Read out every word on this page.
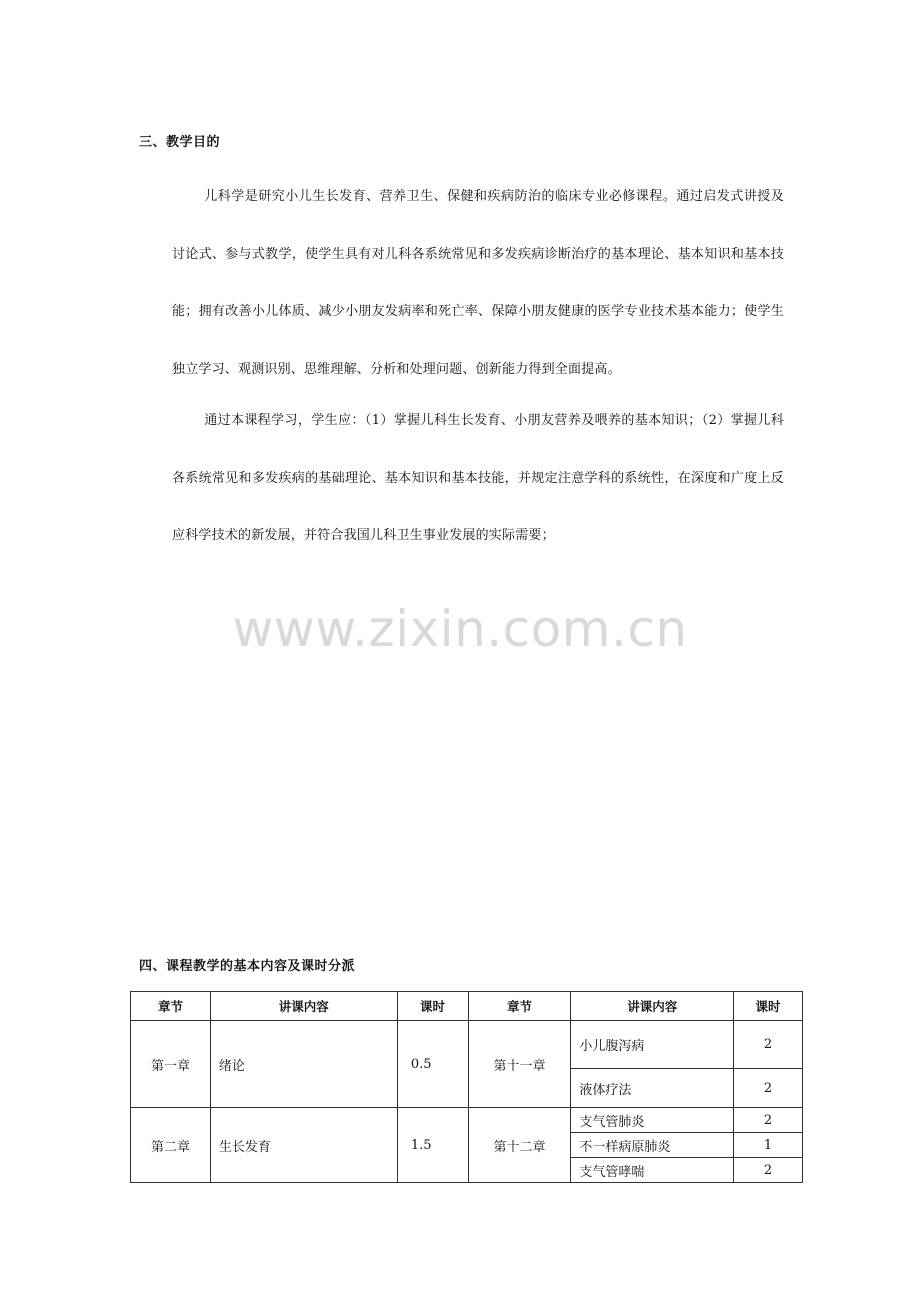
三、教学目的
儿科学是研究小儿生长发育、营养卫生、保健和疾病防治的临床专业必修课程。通过启发式讲授及讨论式、参与式教学，使学生具有对儿科各系统常见和多发疾病诊断治疗的基本理论、基本知识和基本技能；拥有改善小儿体质、减少小朋友发病率和死亡率、保障小朋友健康的医学专业技术基本能力；使学生独立学习、观测识别、思维理解、分析和处理问题、创新能力得到全面提高。
通过本课程学习，学生应：（1）掌握儿科生长发育、小朋友营养及喂养的基本知识；（2）掌握儿科各系统常见和多发疾病的基础理论、基本知识和基本技能，并规定注意学科的系统性，在深度和广度上反应科学技术的新发展，并符合我国儿科卫生事业发展的实际需要；
www.zixin.com.cn
四、课程教学的基本内容及课时分派
章节	讲课内容	课时	章节	讲课内容	课时
第一章	绪论	0.5	第十一章	小儿腹泻病	2
				液体疗法	2
第二章	生长发育	1.5	第十二章	支气管肺炎	2
				不一样病原肺炎	1
				支气管哮喘	2
